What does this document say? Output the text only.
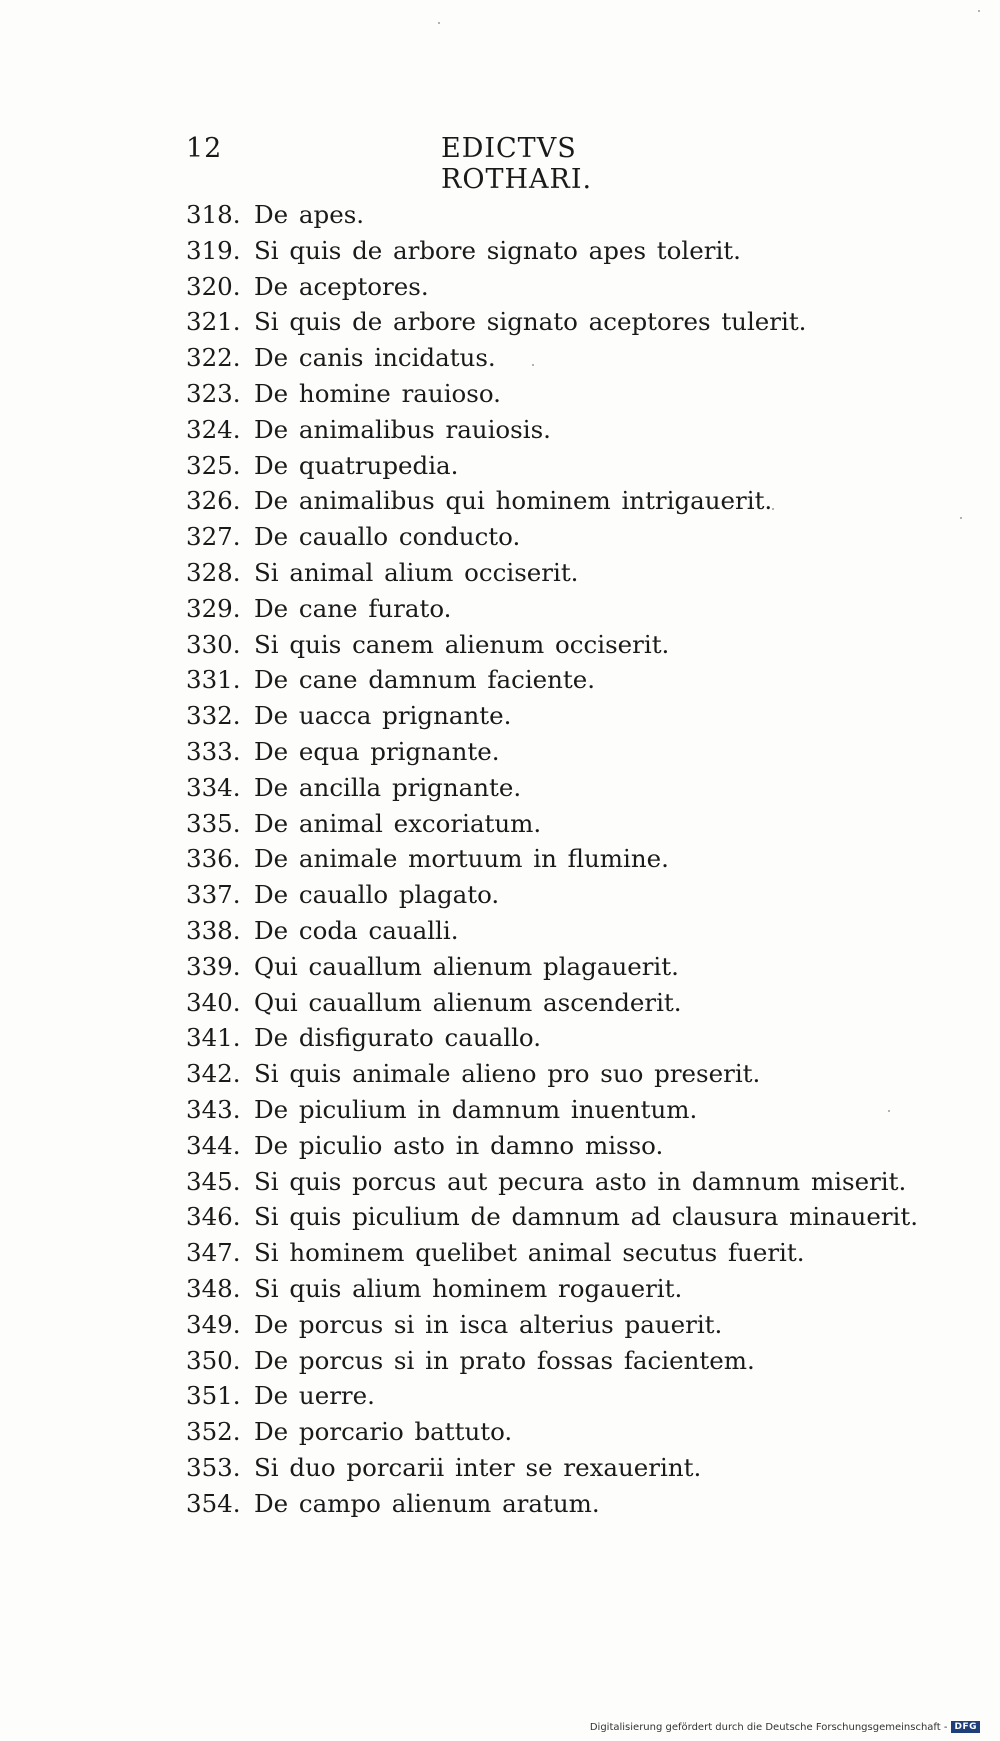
12	EDICTVS ROTHARI.
318. De apes.
319. Si quis de arbore signato apes tolerit.
320. De aceptores.
321. Si quis de arbore signato aceptores tulerit.
322. De canis incidatus.
323. De homine rauioso.
324. De animalibus rauiosis.
325. De quatrupedia.
326. De animalibus qui hominem intrigauerit.
327. De cauallo conducto.
328. Si animal alium occiserit.
329. De cane furato.
330. Si quis canem alienum occiserit.
331. De cane damnum faciente.
332. De uacca prignante.
333. De equa prignante.
334. De ancilla prignante.
335. De animal excoriatum.
336. De animale mortuum in flumine.
337. De cauallo plagato.
338. De coda caualli.
339. Qui cauallum alienum plagauerit.
340. Qui cauallum alienum ascenderit.
341. De disfigurato cauallo.
342. Si quis animale alieno pro suo preserit.
343. De piculium in damnum inuentum.
344. De piculio asto in damno misso.
345. Si quis porcus aut pecura asto in damnum miserit.
346. Si quis piculium de damnum ad clausura minauerit.
347. Si hominem quelibet animal secutus fuerit.
348. Si quis alium hominem rogauerit.
349. De porcus si in isca alterius pauerit.
350. De porcus si in prato fossas facientem.
351. De uerre.
352. De porcario battuto.
353. Si duo porcarii inter se rexauerint.
354. De campo alienum aratum.
Digitalisierung gefördert durch die Deutsche Forschungsgemeinschaft - DFG
